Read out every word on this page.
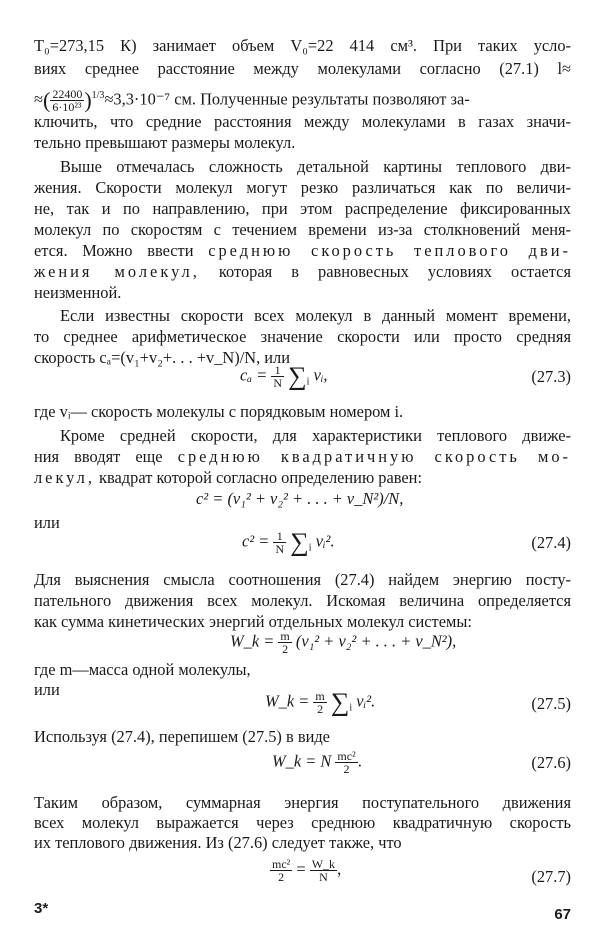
T₀=273,15 К) занимает объем V₀=22 414 см³. При таких усло-
виях среднее расстояние между молекулами согласно (27.1) l≈
≈( $\frac{22400}{\text{6·10²³}} )^{1/3}\approx 3,3\cdot 10^{-7}$ см. Полученные результаты позволяют за-
ключить, что средние расстояния между молекулами в газах значи-
тельно превышают размеры молекул.
Выше отмечалась сложность детальной картины теплового дви-
жения. Скорости молекул могут резко различаться как по величи-
не, так и по направлению, при этом распределение фиксированных
молекул по скоростям с течением времени из-за столкновений меня-
ется. Можно ввести среднюю скорость теплового дви-
жения молекул, которая в равновесных условиях остается
неизменной.
Если известны скорости всех молекул в данный момент времени,
то среднее арифметическое значение скорости или просто средняя
скорость cₐ=(v₁+v₂+. . . +v_N)/N, или
$c_a = \frac{1}{N} \sum_i$ vᵢ,	(27.3)
где vᵢ— скорость молекулы с порядковым номером i.
Кроме средней скорости, для характеристики теплового движе-
ния вводят еще среднюю квадратичную скорость мо-
лекул, квадрат которой согласно определению равен:
c² = (v₁² + v₂² + . . . + v_N²)/N,
или
$c^2 = \frac{1}{N} \sum_i$ vᵢ².	(27.4)
Для выяснения смысла соотношения (27.4) найдем энергию посту-
пательного движения всех молекул. Искомая величина определяется
как сумма кинетических энергий отдельных молекул системы:
W_k = $\frac{m}{2} (v_1^2 + v_2^2$ + . . . + v_N²),
где m—масса одной молекулы,
или
W_k = $\frac{m}{2} \sum_i$ vᵢ².	(27.5)
Используя (27.4), перепишем (27.5) в виде
W_k = N $\frac{\text{mc²}}{2}$ .	(27.6)
Таким образом, суммарная энергия поступательного движения
всех молекул выражается через среднюю квадратичную скорость
их теплового движения. Из (27.6) следует также, что
$\frac{\text{mc²}}{2} = \frac{W\_k}{N}$ ,	(27.7)
3*	67
